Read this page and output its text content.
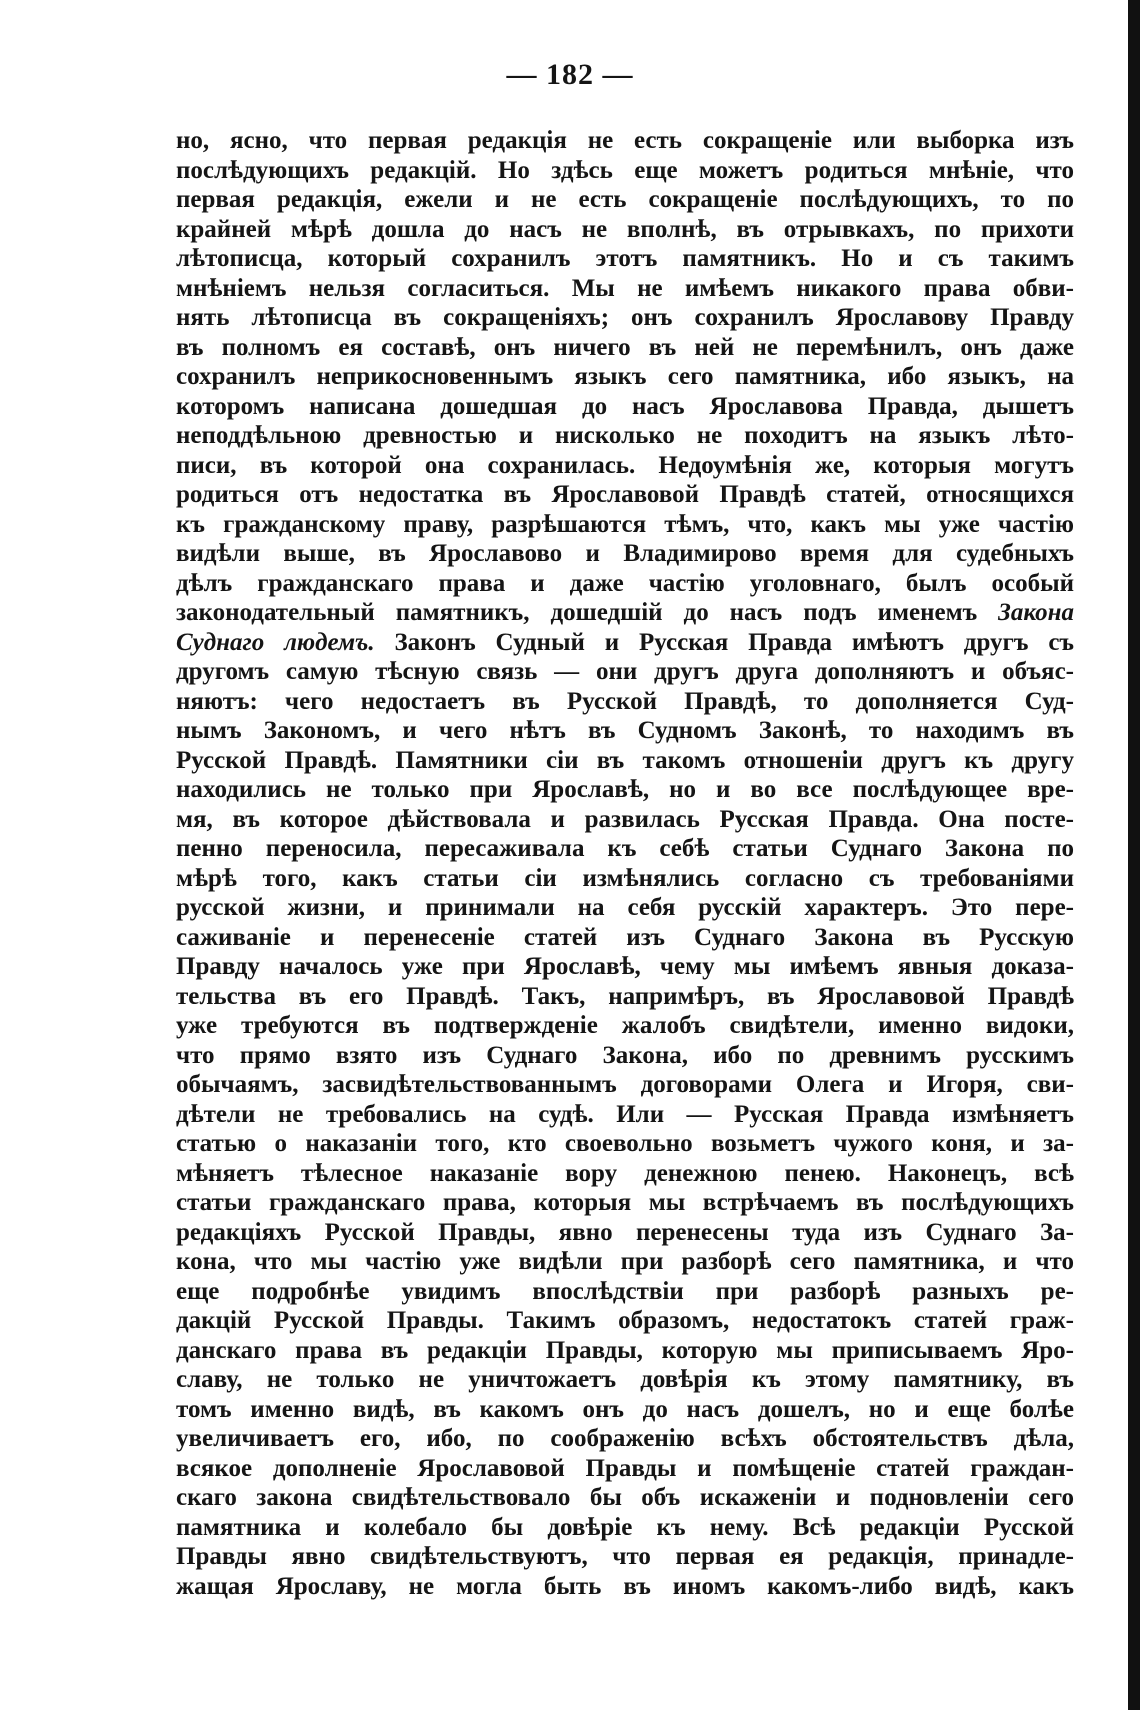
— 182 —
но, ясно, что первая редакція не есть сокращеніе или выборка изъ
послѣдующихъ редакцій. Но здѣсь еще можетъ родиться мнѣніе, что
первая редакція, ежели и не есть сокращеніе послѣдующихъ, то по
крайней мѣрѣ дошла до насъ не вполнѣ, въ отрывкахъ, по прихоти
лѣтописца, который сохранилъ этотъ памятникъ. Но и съ такимъ
мнѣніемъ нельзя согласиться. Мы не имѣемъ никакого права обви-
нять лѣтописца въ сокращеніяхъ; онъ сохранилъ Ярославову Правду
въ полномъ ея составѣ, онъ ничего въ ней не перемѣнилъ, онъ даже
сохранилъ неприкосновеннымъ языкъ сего памятника, ибо языкъ, на
которомъ написана дошедшая до насъ Ярославова Правда, дышетъ
неподдѣльною древностью и нисколько не походитъ на языкъ лѣто-
писи, въ которой она сохранилась. Недоумѣнія же, которыя могутъ
родиться отъ недостатка въ Ярославовой Правдѣ статей, относящихся
къ гражданскому праву, разрѣшаются тѣмъ, что, какъ мы уже частію
видѣли выше, въ Ярославово и Владимирово время для судебныхъ
дѣлъ гражданскаго права и даже частію уголовнаго, былъ особый
законодательный памятникъ, дошедшій до насъ подъ именемъ Закона
Суднаго людемъ. Законъ Судный и Русская Правда имѣютъ другъ съ
другомъ самую тѣсную связь — они другъ друга дополняютъ и объяс-
няютъ: чего недостаетъ въ Русской Правдѣ, то дополняется Суд-
нымъ Закономъ, и чего нѣтъ въ Судномъ Законѣ, то находимъ въ
Русской Правдѣ. Памятники сіи въ такомъ отношеніи другъ къ другу
находились не только при Ярославѣ, но и во все послѣдующее вре-
мя, въ которое дѣйствовала и развилась Русская Правда. Она посте-
пенно переносила, пересаживала къ себѣ статьи Суднаго Закона по
мѣрѣ того, какъ статьи сіи измѣнялись согласно съ требованіями
русской жизни, и принимали на себя русскій характеръ. Это пере-
саживаніе и перенесеніе статей изъ Суднаго Закона въ Русскую
Правду началось уже при Ярославѣ, чему мы имѣемъ явныя доказа-
тельства въ его Правдѣ. Такъ, напримѣръ, въ Ярославовой Правдѣ
уже требуются въ подтвержденіе жалобъ свидѣтели, именно видоки,
что прямо взято изъ Суднаго Закона, ибо по древнимъ русскимъ
обычаямъ, засвидѣтельствованнымъ договорами Олега и Игоря, сви-
дѣтели не требовались на судѣ. Или — Русская Правда измѣняетъ
статью о наказаніи того, кто своевольно возьметъ чужого коня, и за-
мѣняетъ тѣлесное наказаніе вору денежною пенею. Наконецъ, всѣ
статьи гражданскаго права, которыя мы встрѣчаемъ въ послѣдующихъ
редакціяхъ Русской Правды, явно перенесены туда изъ Суднаго За-
кона, что мы частію уже видѣли при разборѣ сего памятника, и что
еще подробнѣе увидимъ впослѣдствіи при разборѣ разныхъ ре-
дакцій Русской Правды. Такимъ образомъ, недостатокъ статей граж-
данскаго права въ редакціи Правды, которую мы приписываемъ Яро-
славу, не только не уничтожаетъ довѣрія къ этому памятнику, въ
томъ именно видѣ, въ какомъ онъ до насъ дошелъ, но и еще болѣе
увеличиваетъ его, ибо, по соображенію всѣхъ обстоятельствъ дѣла,
всякое дополненіе Ярославовой Правды и помѣщеніе статей граждан-
скаго закона свидѣтельствовало бы объ искаженіи и подновленіи сего
памятника и колебало бы довѣріе къ нему. Всѣ редакціи Русской
Правды явно свидѣтельствуютъ, что первая ея редакція, принадле-
жащая Ярославу, не могла быть въ иномъ какомъ-либо видѣ, какъ
